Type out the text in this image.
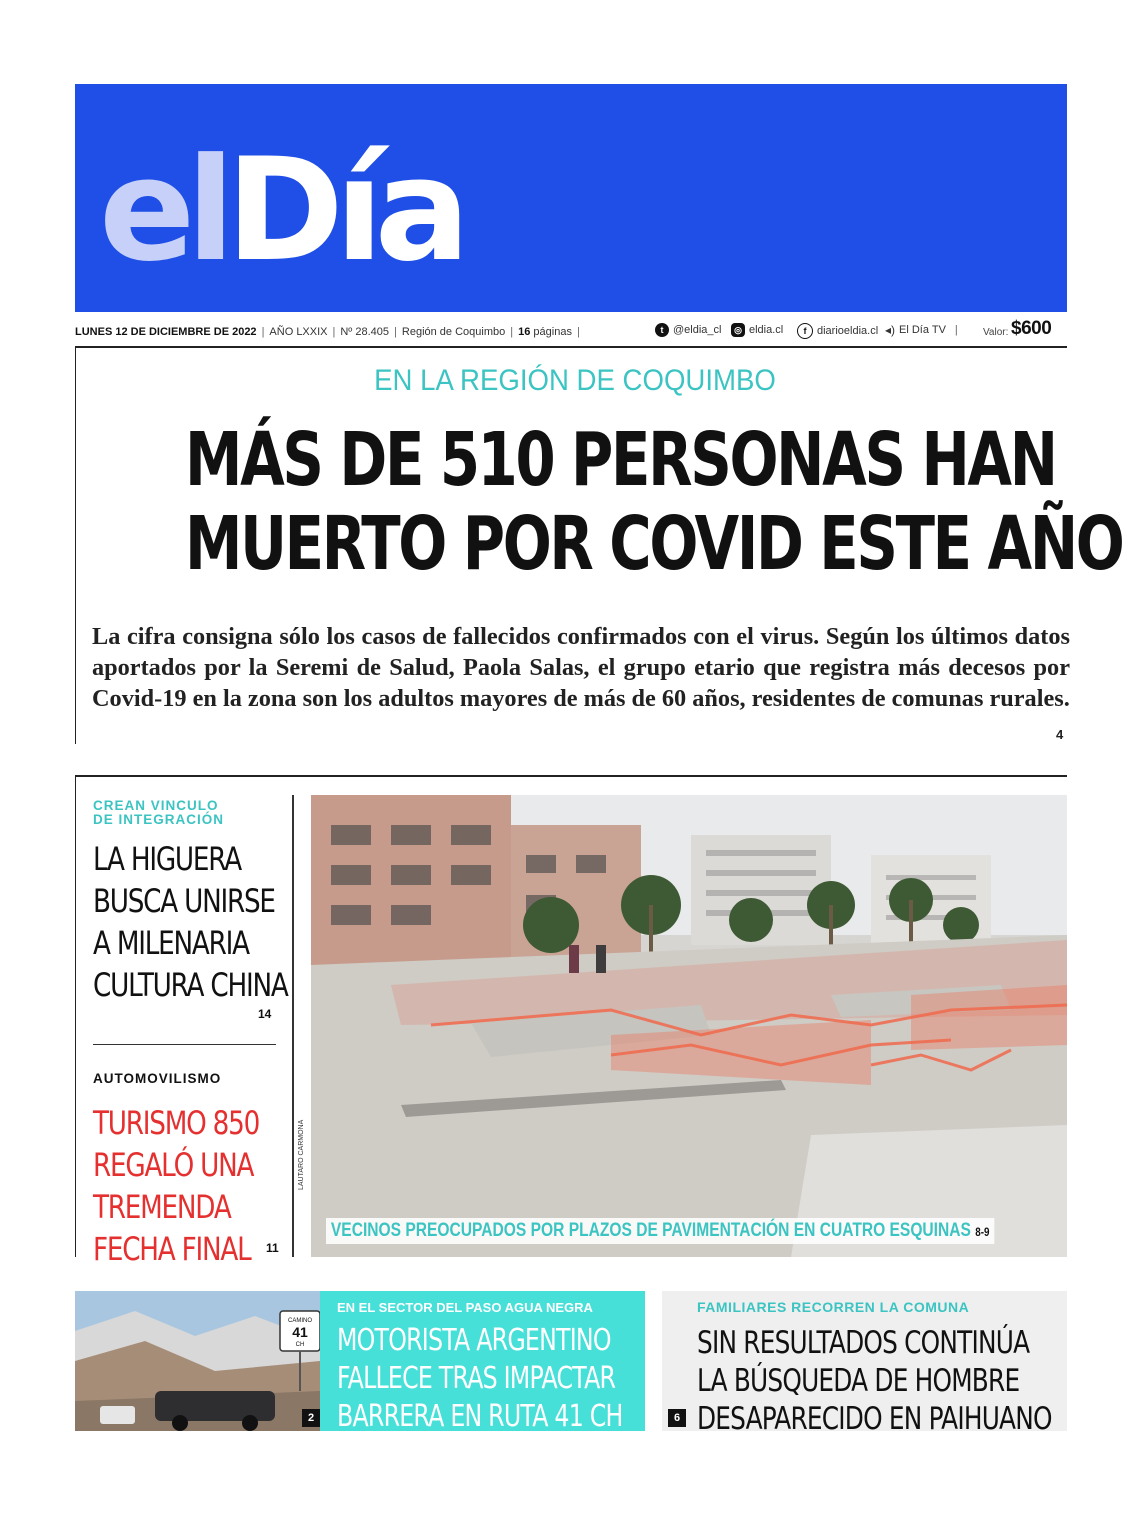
elDía
LUNES 12 DE DICIEMBRE DE 2022 | AÑO LXXIX | Nº 28.405 | Región de Coquimbo | 16 páginas |	t @eldia_cl	◎ eldia.cl	f diarioeldia.cl ◂) El Día TV |	Valor: $600
EN LA REGIÓN DE COQUIMBO
MÁS DE 510 PERSONAS HAN
MUERTO POR COVID ESTE AÑO
La cifra consigna sólo los casos de fallecidos confirmados con el virus. Según los últimos datos aportados por la Seremi de Salud, Paola Salas, el grupo etario que registra más decesos por Covid-19 en la zona son los adultos mayores de más de 60 años, residentes de comunas rurales.
4
CREAN VINCULO
DE INTEGRACIÓN
LA HIGUERA
BUSCA UNIRSE
A MILENARIA
CULTURA CHINA
14
AUTOMOVILISMO
TURISMO 850
REGALÓ UNA
TREMENDA
FECHA FINAL	11
LAUTARO CARMONA
VECINOS PREOCUPADOS POR PLAZOS DE PAVIMENTACIÓN EN CUATRO ESQUINAS 8-9
CAMINO
41
CH
2
EN EL SECTOR DEL PASO AGUA NEGRA
MOTORISTA ARGENTINO
FALLECE TRAS IMPACTAR
BARRERA EN RUTA 41 CH
FAMILIARES RECORREN LA COMUNA
SIN RESULTADOS CONTINÚA
LA BÚSQUEDA DE HOMBRE
DESAPARECIDO EN PAIHUANO
6
